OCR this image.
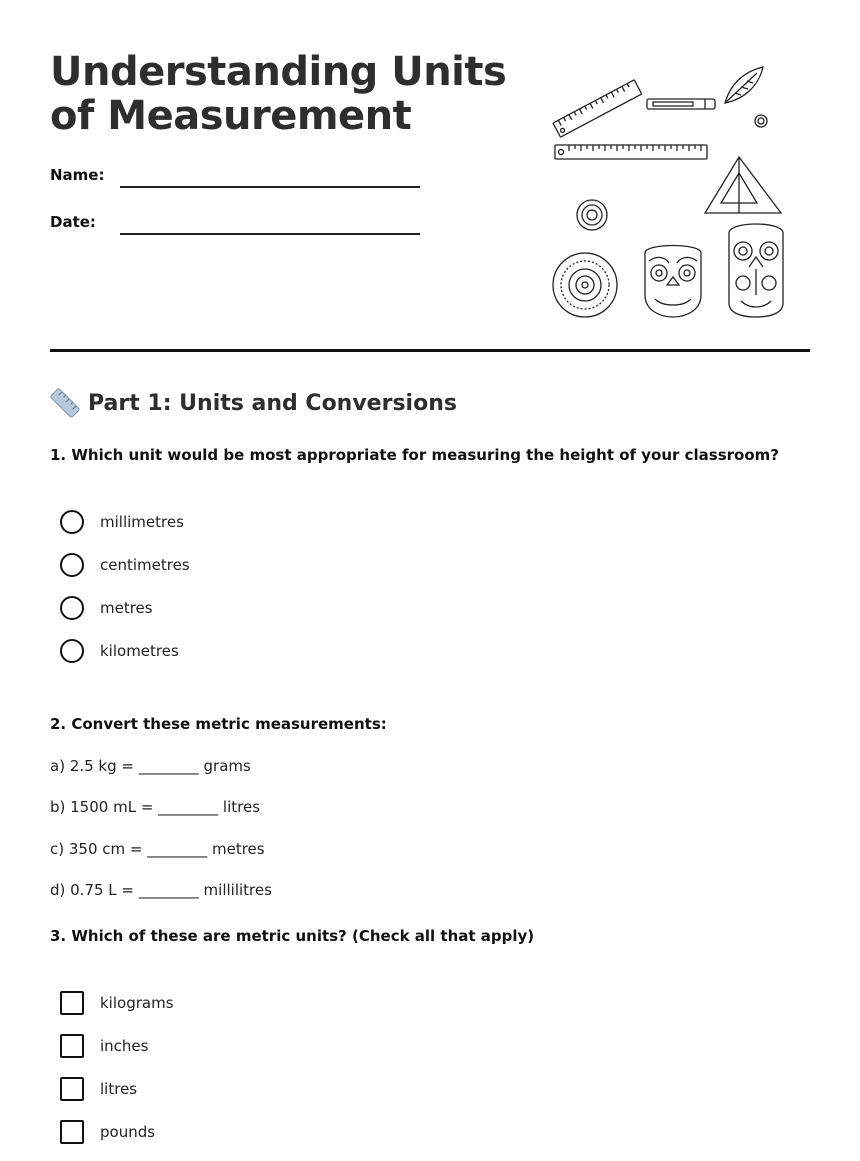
Understanding Units of Measurement
Name:
Date:
Part 1: Units and Conversions

1. Which unit would be most appropriate for measuring the height of your classroom?

millimetres
centimetres
metres
kilometres

2. Convert these metric measurements:

a) 2.5 kg = ________ grams
b) 1500 mL = ________ litres
c) 350 cm = ________ metres
d) 0.75 L = ________ millilitres

3. Which of these are metric units? (Check all that apply)

kilograms
inches
litres
pounds
